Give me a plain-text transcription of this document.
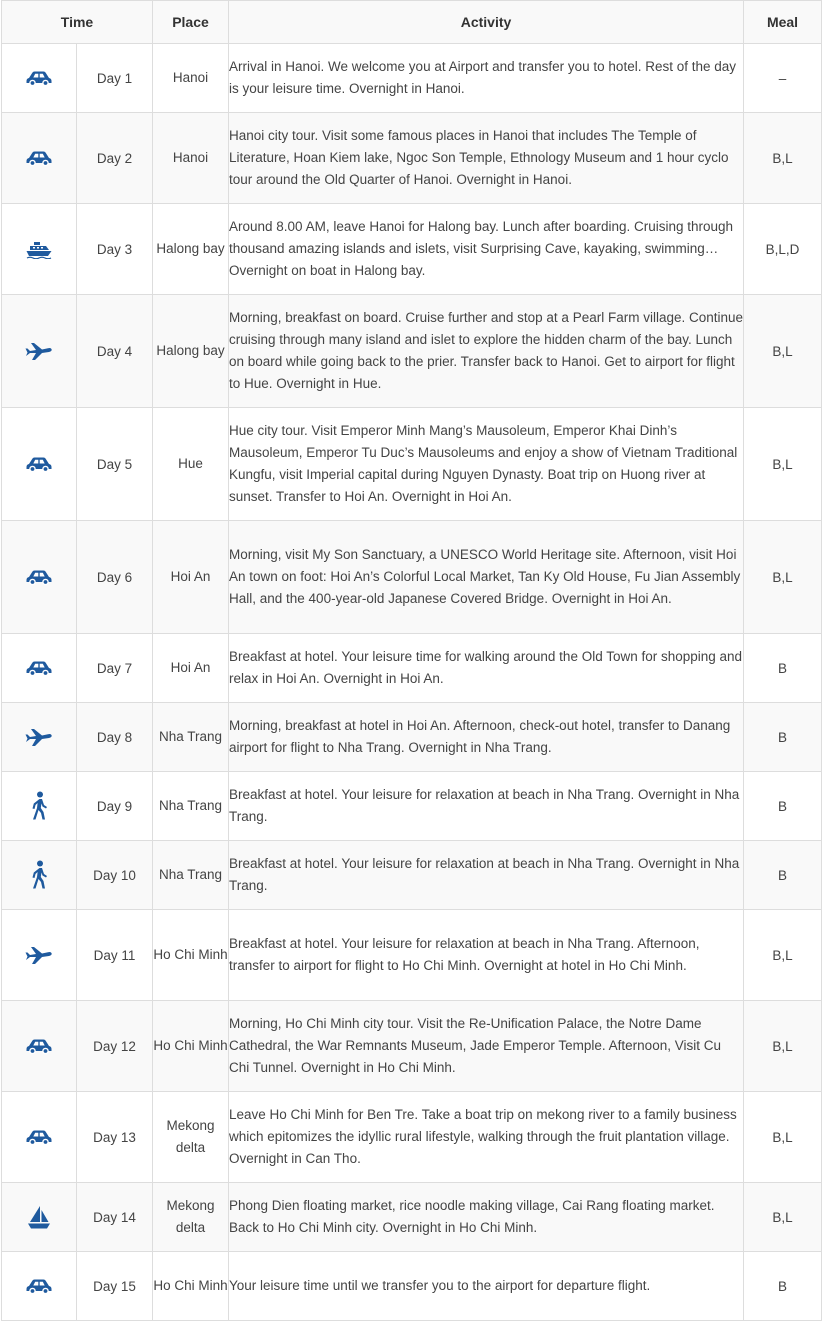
Time		Place	Activity	Meal
	Day 1	Hanoi	Arrival in Hanoi. We welcome you at Airport and transfer you to hotel. Rest of the day is your leisure time. Overnight in Hanoi.	–
	Day 2	Hanoi	Hanoi city tour. Visit some famous places in Hanoi that includes The Temple of Literature, Hoan Kiem lake, Ngoc Son Temple, Ethnology Museum and 1 hour cyclo tour around the Old Quarter of Hanoi. Overnight in Hanoi.	B,L
	Day 3	Halong bay	Around 8.00 AM, leave Hanoi for Halong bay. Lunch after boarding. Cruising through thousand amazing islands and islets, visit Surprising Cave, kayaking, swimming… Overnight on boat in Halong bay.	B,L,D
	Day 4	Halong bay	Morning, breakfast on board. Cruise further and stop at a Pearl Farm village. Continue cruising through many island and islet to explore the hidden charm of the bay. Lunch on board while going back to the prier. Transfer back to Hanoi. Get to airport for flight to Hue. Overnight in Hue.	B,L
	Day 5	Hue	Hue city tour. Visit Emperor Minh Mang’s Mausoleum, Emperor Khai Dinh’s Mausoleum, Emperor Tu Duc’s Mausoleums and enjoy a show of Vietnam Traditional Kungfu, visit Imperial capital during Nguyen Dynasty. Boat trip on Huong river at sunset. Transfer to Hoi An. Overnight in Hoi An.	B,L
	Day 6	Hoi An	Morning, visit My Son Sanctuary, a UNESCO World Heritage site. Afternoon, visit Hoi An town on foot: Hoi An’s Colorful Local Market, Tan Ky Old House, Fu Jian Assembly Hall, and the 400-year-old Japanese Covered Bridge. Overnight in Hoi An.	B,L
	Day 7	Hoi An	Breakfast at hotel. Your leisure time for walking around the Old Town for shopping and relax in Hoi An. Overnight in Hoi An.	B
	Day 8	Nha Trang	Morning, breakfast at hotel in Hoi An. Afternoon, check-out hotel, transfer to Danang airport for flight to Nha Trang. Overnight in Nha Trang.	B
	Day 9	Nha Trang	Breakfast at hotel. Your leisure for relaxation at beach in Nha Trang. Overnight in Nha Trang.	B
	Day 10	Nha Trang	Breakfast at hotel. Your leisure for relaxation at beach in Nha Trang. Overnight in Nha Trang.	B
	Day 11	Ho Chi Minh	Breakfast at hotel. Your leisure for relaxation at beach in Nha Trang. Afternoon, transfer to airport for flight to Ho Chi Minh. Overnight at hotel in Ho Chi Minh.	B,L
	Day 12	Ho Chi Minh	Morning, Ho Chi Minh city tour. Visit the Re-Unification Palace, the Notre Dame Cathedral, the War Remnants Museum, Jade Emperor Temple. Afternoon, Visit Cu Chi Tunnel. Overnight in Ho Chi Minh.	B,L
	Day 13	Mekong delta	Leave Ho Chi Minh for Ben Tre. Take a boat trip on mekong river to a family business which epitomizes the idyllic rural lifestyle, walking through the fruit plantation village. Overnight in Can Tho.	B,L
	Day 14	Mekong delta	Phong Dien floating market, rice noodle making village, Cai Rang floating market. Back to Ho Chi Minh city. Overnight in Ho Chi Minh.	B,L
	Day 15	Ho Chi Minh	Your leisure time until we transfer you to the airport for departure flight.	B
